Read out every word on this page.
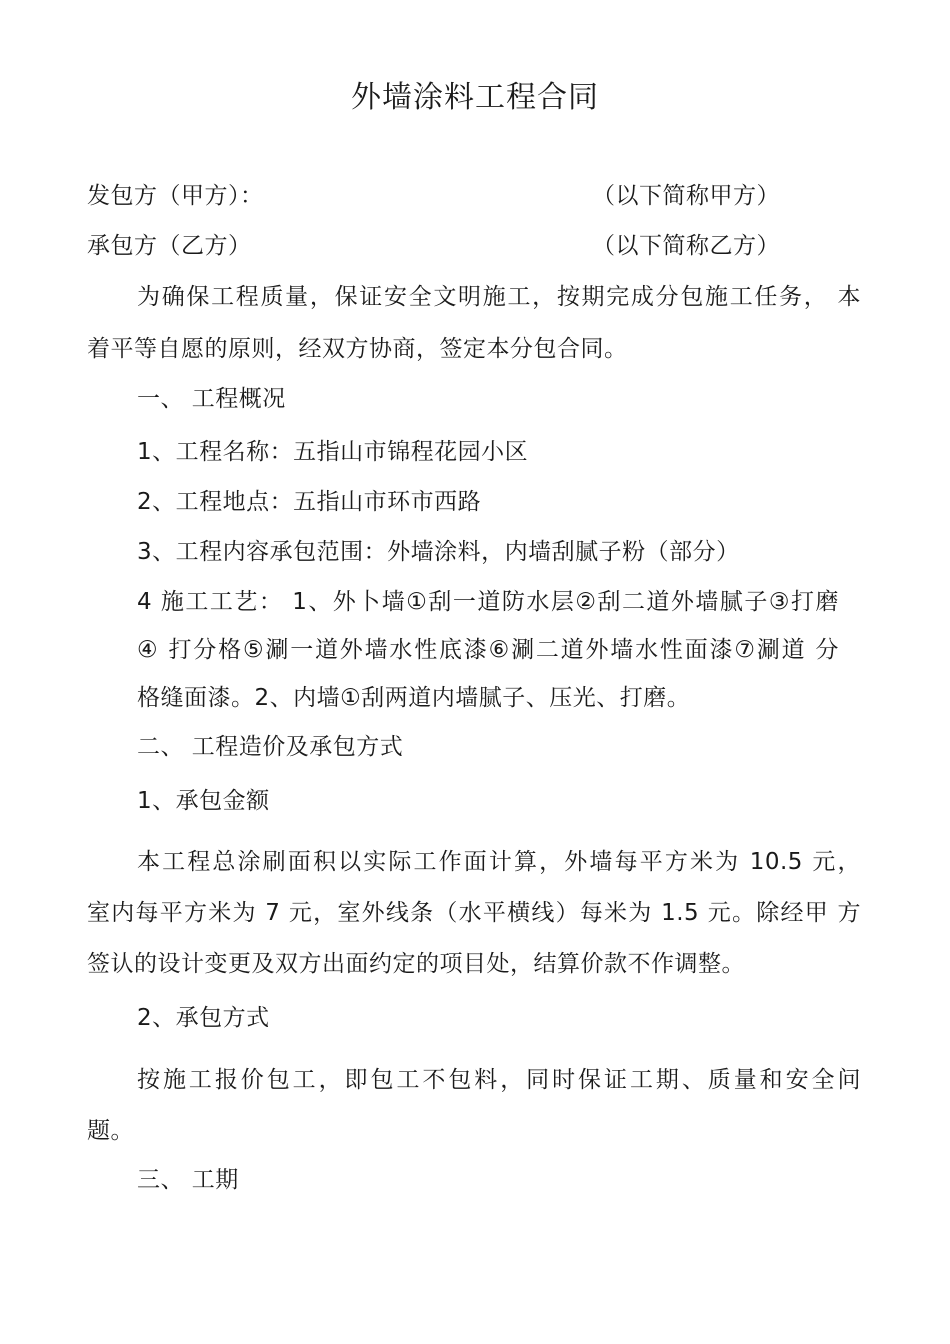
外墙涂料工程合同
发包方（甲方）：	（以下简称甲方）
承包方（乙方）	（以下简称乙方）
为确保工程质量，保证安全文明施工，按期完成分包施工任务， 本
着平等自愿的原则，经双方协商，签定本分包合同。
一、 工程概况
1、工程名称：五指山市锦程花园小区
2、工程地点：五指山市环市西路
3、工程内容承包范围：外墙涂料，内墙刮腻子粉（部分）
4 施工工艺： 1、外卜墙①刮一道防水层②刮二道外墙腻子③打磨
④ 打分格⑤涮一道外墙水性底漆⑥涮二道外墙水性面漆⑦涮道 分
格缝面漆。2、内墙①刮两道内墙腻子、压光、打磨。
二、 工程造价及承包方式
1、承包金额
本工程总涂刷面积以实际工作面计算，外墙每平方米为 10.5 元，
室内每平方米为 7 元，室外线条（水平横线）每米为 1.5 元。除经甲 方
签认的设计变更及双方出面约定的项目处，结算价款不作调整。
2、承包方式
按施工报价包工，即包工不包料，同时保证工期、质量和安全问
题。
三、 工期
